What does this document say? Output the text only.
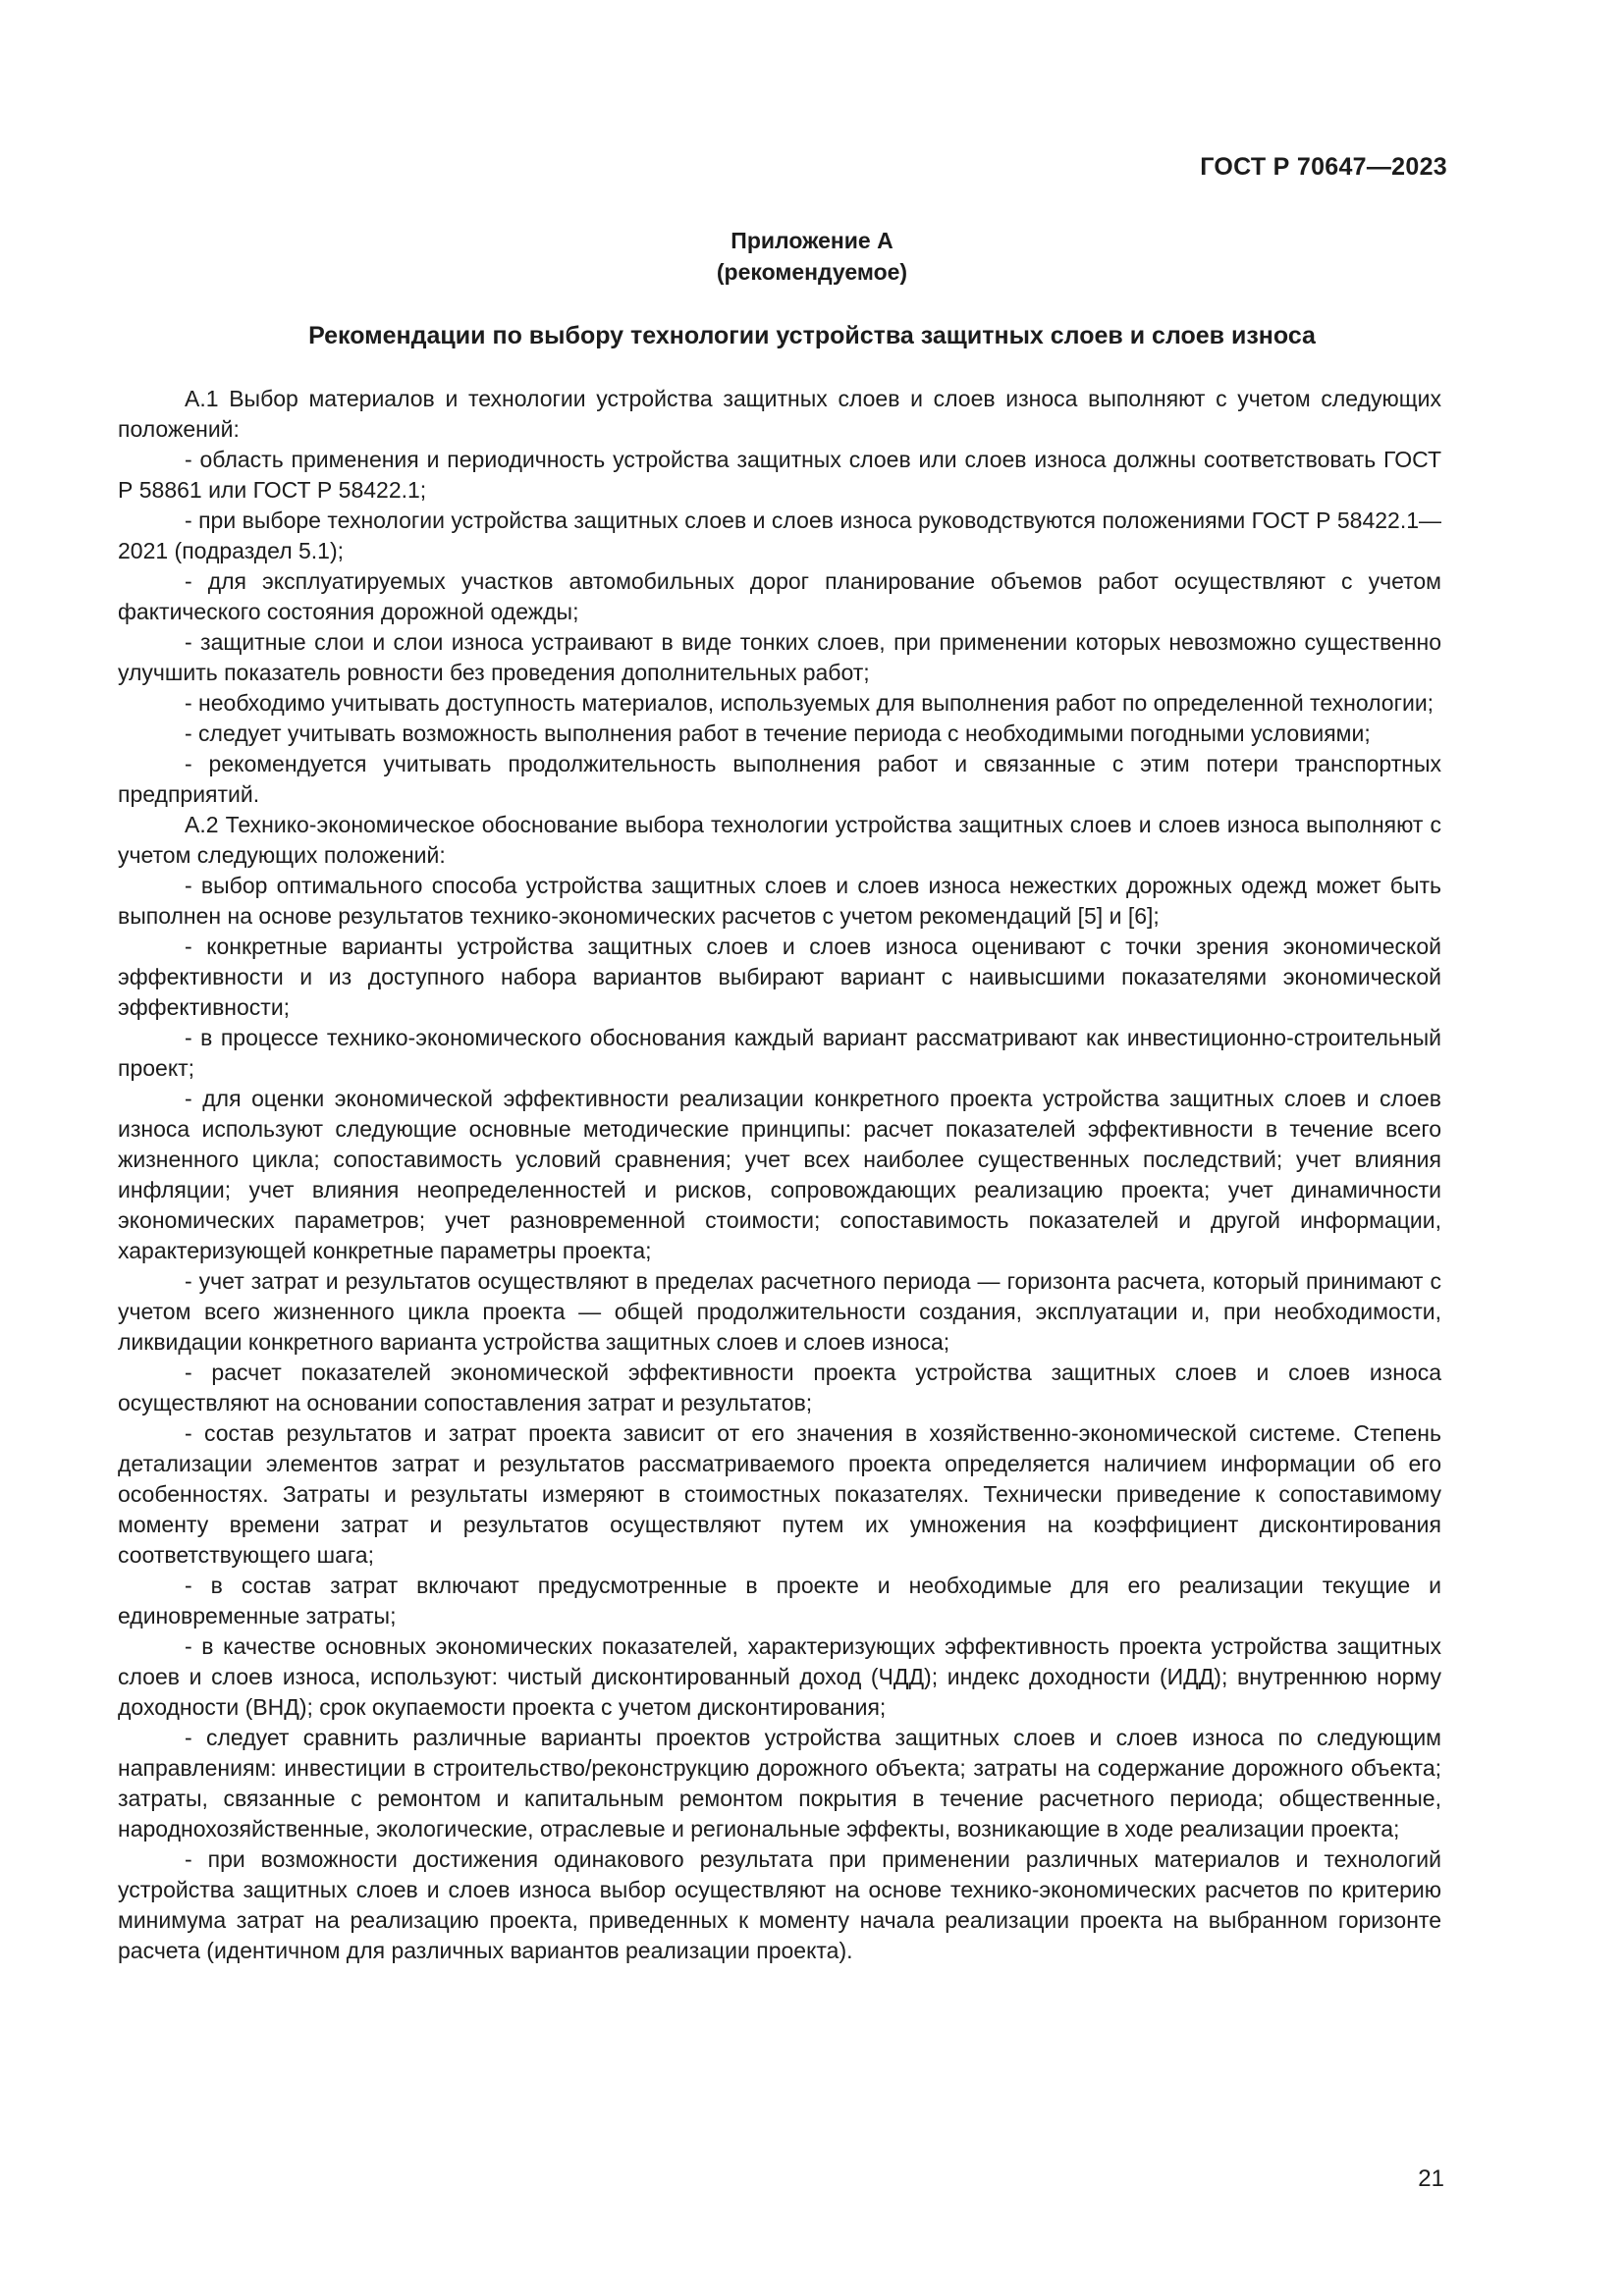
ГОСТ Р 70647—2023
Приложение А
(рекомендуемое)
Рекомендации по выбору технологии устройства защитных слоев и слоев износа

А.1 Выбор материалов и технологии устройства защитных слоев и слоев износа выполняют с учетом следующих положений:

- область применения и периодичность устройства защитных слоев или слоев износа должны соответствовать ГОСТ Р 58861 или ГОСТ Р 58422.1;

- при выборе технологии устройства защитных слоев и слоев износа руководствуются положениями ГОСТ Р 58422.1—2021 (подраздел 5.1);

- для эксплуатируемых участков автомобильных дорог планирование объемов работ осуществляют с учетом фактического состояния дорожной одежды;

- защитные слои и слои износа устраивают в виде тонких слоев, при применении которых невозможно существенно улучшить показатель ровности без проведения дополнительных работ;

- необходимо учитывать доступность материалов, используемых для выполнения работ по определенной технологии;

- следует учитывать возможность выполнения работ в течение периода с необходимыми погодными условиями;

- рекомендуется учитывать продолжительность выполнения работ и связанные с этим потери транспортных предприятий.

А.2 Технико-экономическое обоснование выбора технологии устройства защитных слоев и слоев износа выполняют с учетом следующих положений:

- выбор оптимального способа устройства защитных слоев и слоев износа нежестких дорожных одежд может быть выполнен на основе результатов технико-экономических расчетов с учетом рекомендаций [5] и [6];

- конкретные варианты устройства защитных слоев и слоев износа оценивают с точки зрения экономической эффективности и из доступного набора вариантов выбирают вариант с наивысшими показателями экономической эффективности;

- в процессе технико-экономического обоснования каждый вариант рассматривают как инвестиционно-строительный проект;

- для оценки экономической эффективности реализации конкретного проекта устройства защитных слоев и слоев износа используют следующие основные методические принципы: расчет показателей эффективности в течение всего жизненного цикла; сопоставимость условий сравнения; учет всех наиболее существенных последствий; учет влияния инфляции; учет влияния неопределенностей и рисков, сопровождающих реализацию проекта; учет динамичности экономических параметров; учет разновременной стоимости; сопоставимость показателей и другой информации, характеризующей конкретные параметры проекта;

- учет затрат и результатов осуществляют в пределах расчетного периода — горизонта расчета, который принимают с учетом всего жизненного цикла проекта — общей продолжительности создания, эксплуатации и, при необходимости, ликвидации конкретного варианта устройства защитных слоев и слоев износа;

- расчет показателей экономической эффективности проекта устройства защитных слоев и слоев износа осуществляют на основании сопоставления затрат и результатов;

- состав результатов и затрат проекта зависит от его значения в хозяйственно-экономической системе. Степень детализации элементов затрат и результатов рассматриваемого проекта определяется наличием информации об его особенностях. Затраты и результаты измеряют в стоимостных показателях. Технически приведение к сопоставимому моменту времени затрат и результатов осуществляют путем их умножения на коэффициент дисконтирования соответствующего шага;

- в состав затрат включают предусмотренные в проекте и необходимые для его реализации текущие и единовременные затраты;

- в качестве основных экономических показателей, характеризующих эффективность проекта устройства защитных слоев и слоев износа, используют: чистый дисконтированный доход (ЧДД); индекс доходности (ИДД); внутреннюю норму доходности (ВНД); срок окупаемости проекта с учетом дисконтирования;

- следует сравнить различные варианты проектов устройства защитных слоев и слоев износа по следующим направлениям: инвестиции в строительство/реконструкцию дорожного объекта; затраты на содержание дорожного объекта; затраты, связанные с ремонтом и капитальным ремонтом покрытия в течение расчетного периода; общественные, народнохозяйственные, экологические, отраслевые и региональные эффекты, возникающие в ходе реализации проекта;

- при возможности достижения одинакового результата при применении различных материалов и технологий устройства защитных слоев и слоев износа выбор осуществляют на основе технико-экономических расчетов по критерию минимума затрат на реализацию проекта, приведенных к моменту начала реализации проекта на выбранном горизонте расчета (идентичном для различных вариантов реализации проекта).

21
